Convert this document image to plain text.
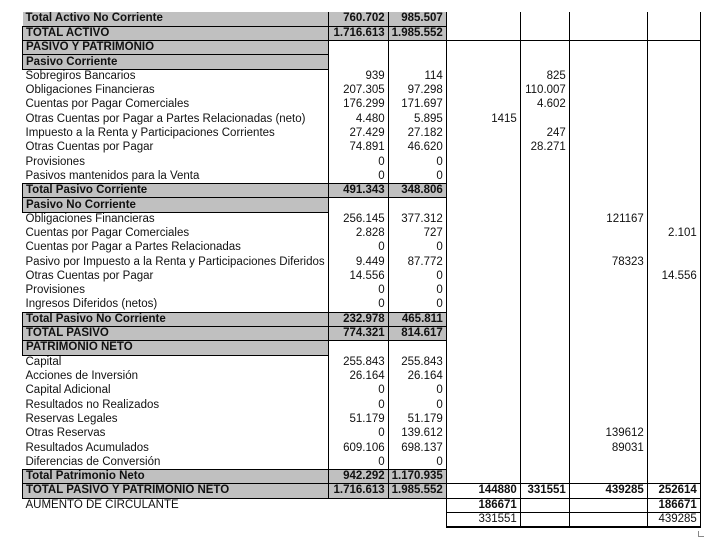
Total Activo No Corriente	760.702	985.507				
TOTAL ACTIVO	1.716.613	1.985.552				
PASIVO Y PATRIMONIO						
Pasivo Corriente						
Sobregiros Bancarios	939	114		825		
Obligaciones Financieras	207.305	97.298		110.007		
Cuentas por Pagar Comerciales	176.299	171.697		4.602		
Otras Cuentas por Pagar a Partes Relacionadas (neto)	4.480	5.895	1415			
Impuesto a la Renta y Participaciones Corrientes	27.429	27.182		247		
Otras Cuentas por Pagar	74.891	46.620		28.271		
Provisiones	0	0				
Pasivos mantenidos para la Venta	0	0				
Total Pasivo Corriente	491.343	348.806				
Pasivo No Corriente						
Obligaciones Financieras	256.145	377.312			121167	
Cuentas por Pagar Comerciales	2.828	727				2.101
Cuentas por Pagar a Partes Relacionadas	0	0				
Pasivo por Impuesto a la Renta y Participaciones Diferidos	9.449	87.772			78323	
Otras Cuentas por Pagar	14.556	0				14.556
Provisiones	0	0				
Ingresos Diferidos (netos)	0	0				
Total Pasivo No Corriente	232.978	465.811				
TOTAL PASIVO	774.321	814.617				
PATRIMONIO NETO						
Capital	255.843	255.843				
Acciones de Inversión	26.164	26.164				
Capital Adicional	0	0				
Resultados no Realizados	0	0				
Reservas Legales	51.179	51.179				
Otras Reservas	0	139.612			139612	
Resultados Acumulados	609.106	698.137			89031	
Diferencias de Conversión	0	0				
Total Patrimonio Neto	942.292	1.170.935				
TOTAL PASIVO Y PATRIMONIO NETO	1.716.613	1.985.552	144880	331551	439285	252614
AUMENTO DE CIRCULANTE			186671			186671
			331551			439285
